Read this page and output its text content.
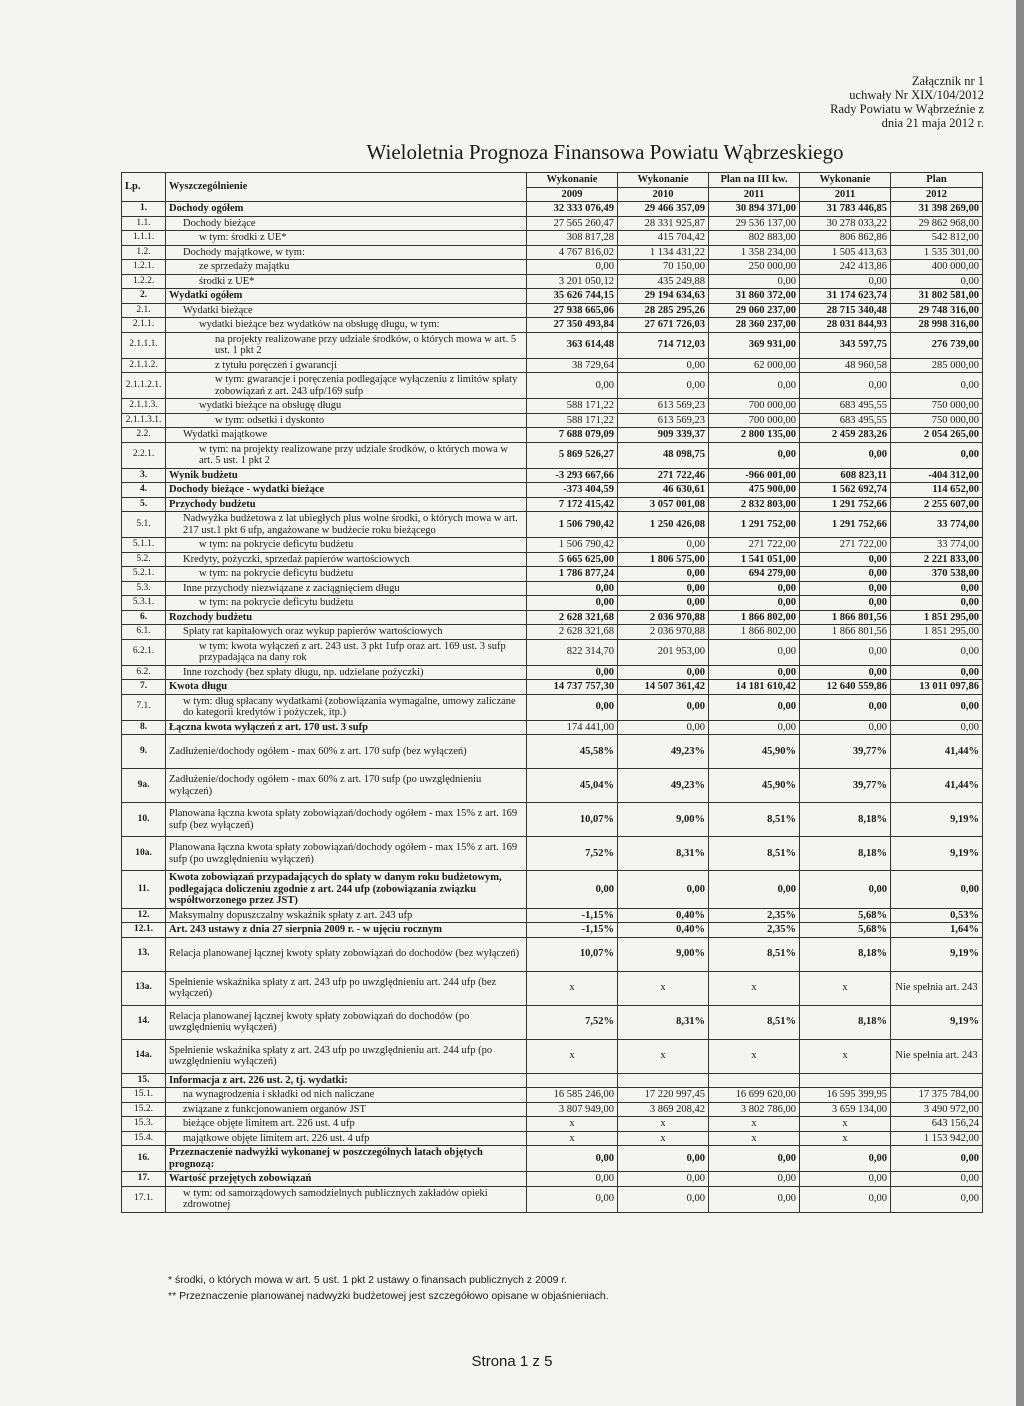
Załącznik nr 1
uchwały Nr XIX/104/2012
Rady Powiatu w Wąbrzeźnie z
dnia 21 maja 2012 r.
Wieloletnia Prognoza Finansowa Powiatu Wąbrzeskiego
Lp.	Wyszczególnienie	Wykonanie	Wykonanie	Plan na III kw.	Wykonanie	Plan
		2009	2010	2011	2011	2012
1.	Dochody ogółem	32 333 076,49	29 466 357,09	30 894 371,00	31 783 446,85	31 398 269,00
1.1.	Dochody bieżące	27 565 260,47	28 331 925,87	29 536 137,00	30 278 033,22	29 862 968,00
1.1.1.	w tym: środki z UE*	308 817,28	415 704,42	802 883,00	806 862,86	542 812,00
1.2.	Dochody majątkowe, w tym:	4 767 816,02	1 134 431,22	1 358 234,00	1 505 413,63	1 535 301,00
1.2.1.	ze sprzedaży majątku	0,00	70 150,00	250 000,00	242 413,86	400 000,00
1.2.2.	środki z UE*	3 201 050,12	435 249,88	0,00	0,00	0,00
2.	Wydatki ogółem	35 626 744,15	29 194 634,63	31 860 372,00	31 174 623,74	31 802 581,00
2.1.	Wydatki bieżące	27 938 665,06	28 285 295,26	29 060 237,00	28 715 340,48	29 748 316,00
2.1.1.	wydatki bieżące bez wydatków na obsługę długu, w tym:	27 350 493,84	27 671 726,03	28 360 237,00	28 031 844,93	28 998 316,00
2.1.1.1.	na projekty realizowane przy udziale środków, o których mowa w art. 5 ust. 1 pkt 2	363 614,48	714 712,03	369 931,00	343 597,75	276 739,00
2.1.1.2.	z tytułu poręczeń i gwarancji	38 729,64	0,00	62 000,00	48 960,58	285 000,00
2.1.1.2.1.	w tym: gwarancje i poręczenia podlegające wyłączeniu z limitów spłaty zobowiązań z art. 243 ufp/169 sufp	0,00	0,00	0,00	0,00	0,00
2.1.1.3.	wydatki bieżące na obsługę długu	588 171,22	613 569,23	700 000,00	683 495,55	750 000,00
2.1.1.3.1.	w tym: odsetki i dyskonto	588 171,22	613 569,23	700 000,00	683 495,55	750 000,00
2.2.	Wydatki majątkowe	7 688 079,09	909 339,37	2 800 135,00	2 459 283,26	2 054 265,00
2.2.1.	w tym: na projekty realizowane przy udziale środków, o których mowa w art. 5 ust. 1 pkt 2	5 869 526,27	48 098,75	0,00	0,00	0,00
3.	Wynik budżetu	-3 293 667,66	271 722,46	-966 001,00	608 823,11	-404 312,00
4.	Dochody bieżące - wydatki bieżące	-373 404,59	46 630,61	475 900,00	1 562 692,74	114 652,00
5.	Przychody budżetu	7 172 415,42	3 057 001,08	2 832 803,00	1 291 752,66	2 255 607,00
5.1.	Nadwyżka budżetowa z lat ubiegłych plus wolne środki, o których mowa w art. 217 ust.1 pkt 6 ufp, angażowane w budżecie roku bieżącego	1 506 790,42	1 250 426,08	1 291 752,00	1 291 752,66	33 774,00
5.1.1.	w tym: na pokrycie deficytu budżetu	1 506 790,42	0,00	271 722,00	271 722,00	33 774,00
5.2.	Kredyty, pożyczki, sprzedaż papierów wartościowych	5 665 625,00	1 806 575,00	1 541 051,00	0,00	2 221 833,00
5.2.1.	w tym: na pokrycie deficytu budżetu	1 786 877,24	0,00	694 279,00	0,00	370 538,00
5.3.	Inne przychody niezwiązane z zaciągnięciem długu	0,00	0,00	0,00	0,00	0,00
5.3.1.	w tym: na pokrycie deficytu budżetu	0,00	0,00	0,00	0,00	0,00
6.	Rozchody budżetu	2 628 321,68	2 036 970,88	1 866 802,00	1 866 801,56	1 851 295,00
6.1.	Spłaty rat kapitałowych oraz wykup papierów wartościowych	2 628 321,68	2 036 970,88	1 866 802,00	1 866 801,56	1 851 295,00
6.2.1.	w tym: kwota wyłączeń z art. 243 ust. 3 pkt 1ufp oraz art. 169 ust. 3 sufp przypadająca na dany rok	822 314,70	201 953,00	0,00	0,00	0,00
6.2.	Inne rozchody (bez spłaty długu, np. udzielane pożyczki)	0,00	0,00	0,00	0,00	0,00
7.	Kwota długu	14 737 757,30	14 507 361,42	14 181 610,42	12 640 559,86	13 011 097,86
7.1.	w tym: dług spłacany wydatkami (zobowiązania wymagalne, umowy zaliczane do kategorii kredytów i pożyczek, itp.)	0,00	0,00	0,00	0,00	0,00
8.	Łączna kwota wyłączeń z art. 170 ust. 3 sufp	174 441,00	0,00	0,00	0,00	0,00
9.	Zadłużenie/dochody ogółem - max 60% z art. 170 sufp (bez wyłączeń)	45,58%	49,23%	45,90%	39,77%	41,44%
9a.	Zadłużenie/dochody ogółem - max 60% z art. 170 sufp (po uwzględnieniu wyłączeń)	45,04%	49,23%	45,90%	39,77%	41,44%
10.	Planowana łączna kwota spłaty zobowiązań/dochody ogółem - max 15% z art. 169 sufp (bez wyłączeń)	10,07%	9,00%	8,51%	8,18%	9,19%
10a.	Planowana łączna kwota spłaty zobowiązań/dochody ogółem - max 15% z art. 169 sufp (po uwzględnieniu wyłączeń)	7,52%	8,31%	8,51%	8,18%	9,19%
11.	Kwota zobowiązań przypadających do spłaty w danym roku budżetowym, podlegająca doliczeniu zgodnie z art. 244 ufp (zobowiązania związku współtworzonego przez JST)	0,00	0,00	0,00	0,00	0,00
12.	Maksymalny dopuszczalny wskaźnik spłaty z art. 243 ufp	-1,15%	0,40%	2,35%	5,68%	0,53%
12.1.	Art. 243 ustawy z dnia 27 sierpnia 2009 r. - w ujęciu rocznym	-1,15%	0,40%	2,35%	5,68%	1,64%
13.	Relacja planowanej łącznej kwoty spłaty zobowiązań do dochodów (bez wyłączeń)	10,07%	9,00%	8,51%	8,18%	9,19%
13a.	Spełnienie wskaźnika spłaty z art. 243 ufp po uwzględnieniu art. 244 ufp (bez wyłączeń)	x	x	x	x	Nie spełnia art. 243
14.	Relacja planowanej łącznej kwoty spłaty zobowiązań do dochodów (po uwzględnieniu wyłączeń)	7,52%	8,31%	8,51%	8,18%	9,19%
14a.	Spełnienie wskaźnika spłaty z art. 243 ufp po uwzględnieniu art. 244 ufp (po uwzględnieniu wyłączeń)	x	x	x	x	Nie spełnia art. 243
15.	Informacja z art. 226 ust. 2, tj. wydatki:					
15.1.	na wynagrodzenia i składki od nich naliczane	16 585 246,00	17 220 997,45	16 699 620,00	16 595 399,95	17 375 784,00
15.2.	związane z funkcjonowaniem organów JST	3 807 949,00	3 869 208,42	3 802 786,00	3 659 134,00	3 490 972,00
15.3.	bieżące objęte limitem art. 226 ust. 4 ufp	x	x	x	x	643 156,24
15.4.	majątkowe objęte limitem art. 226 ust. 4 ufp	x	x	x	x	1 153 942,00
16.	Przeznaczenie nadwyżki wykonanej w poszczególnych latach objętych prognozą:	0,00	0,00	0,00	0,00	0,00
17.	Wartość przejętych zobowiązań	0,00	0,00	0,00	0,00	0,00
17.1.	w tym: od samorządowych samodzielnych publicznych zakładów opieki zdrowotnej	0,00	0,00	0,00	0,00	0,00
* środki, o których mowa w art. 5 ust. 1 pkt 2 ustawy o finansach publicznych z 2009 r.
** Przeznaczenie planowanej nadwyżki budżetowej jest szczegółowo opisane w objaśnieniach.
Strona 1 z 5
